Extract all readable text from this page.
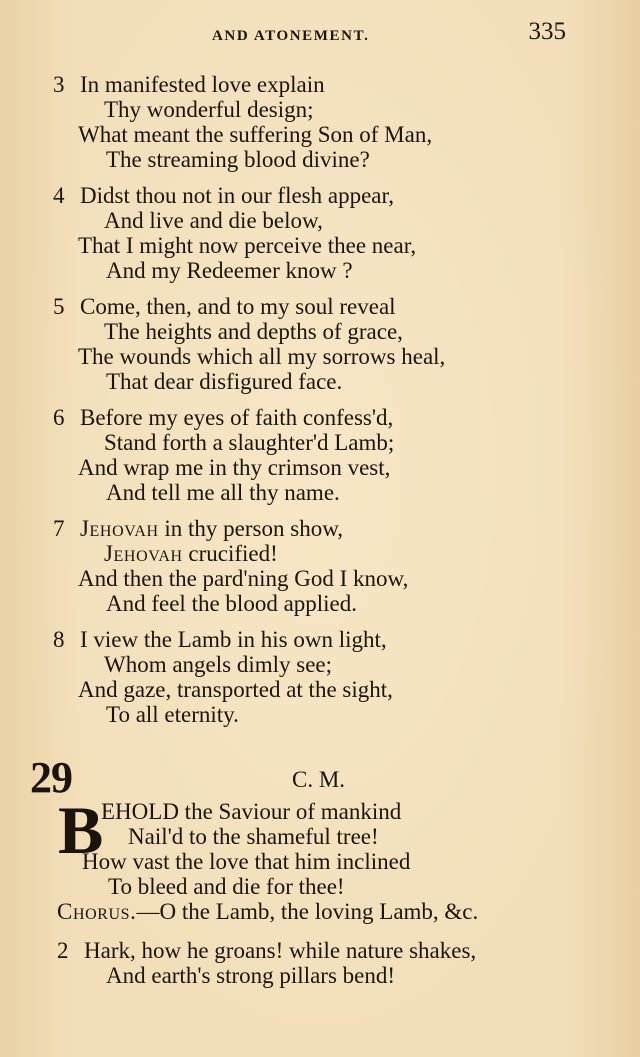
AND ATONEMENT.	335
3 In manifested love explain
Thy wonderful design;
What meant the suffering Son of Man,
The streaming blood divine?
4 Didst thou not in our flesh appear,
And live and die below,
That I might now perceive thee near,
And my Redeemer know ?
5 Come, then, and to my soul reveal
The heights and depths of grace,
The wounds which all my sorrows heal,
That dear disfigured face.
6 Before my eyes of faith confess'd,
Stand forth a slaughter'd Lamb;
And wrap me in thy crimson vest,
And tell me all thy name.
7 Jehovah in thy person show,
Jehovah crucified!
And then the pard'ning God I know,
And feel the blood applied.
8 I view the Lamb in his own light,
Whom angels dimly see;
And gaze, transported at the sight,
To all eternity.
29	C. M.
B
EHOLD the Saviour of mankind
Nail'd to the shameful tree!
How vast the love that him inclined
To bleed and die for thee!
Chorus.—O the Lamb, the loving Lamb, &c.
2 Hark, how he groans! while nature shakes,
And earth's strong pillars bend!
